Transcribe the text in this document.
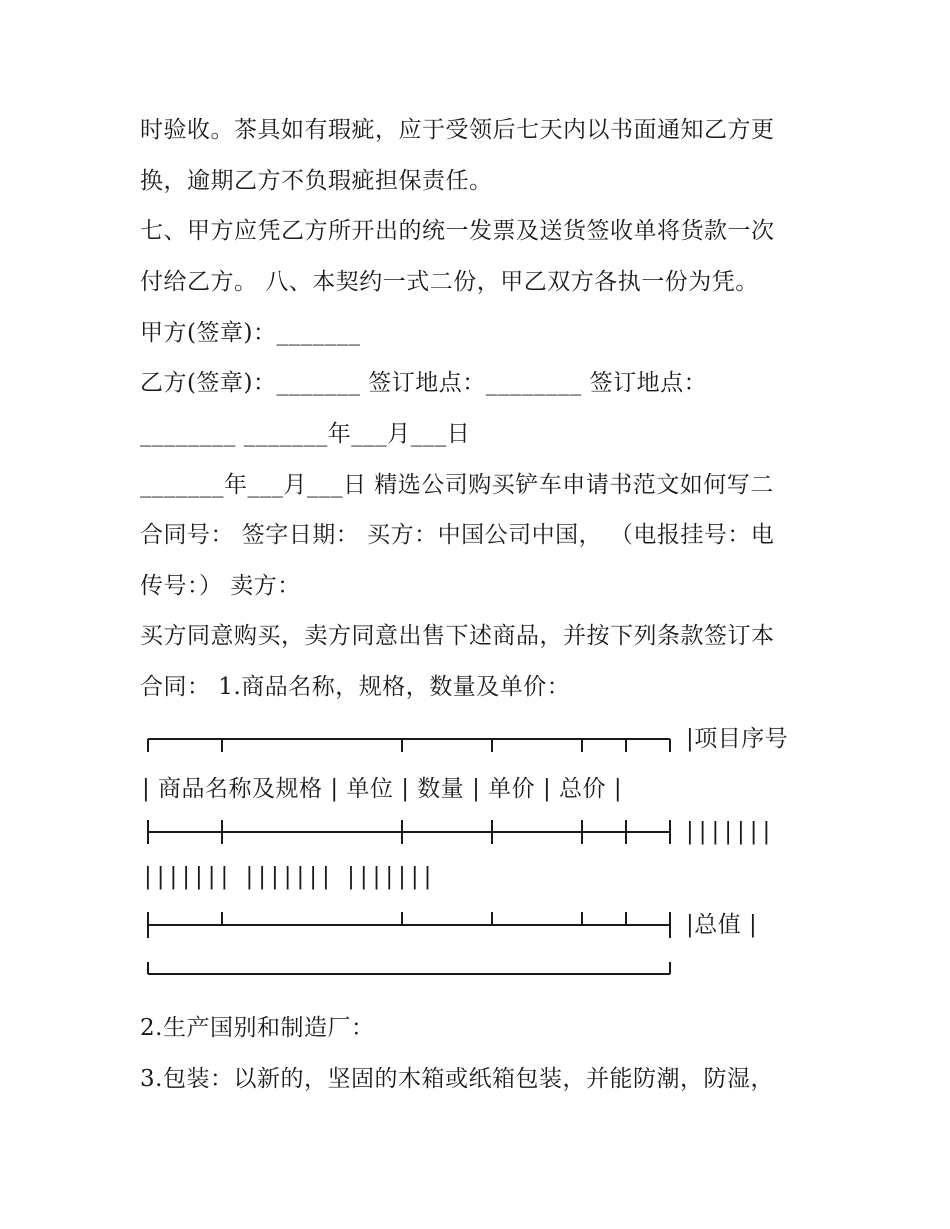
时验收。茶具如有瑕疵，应于受领后七天内以书面通知乙方更
换，逾期乙方不负瑕疵担保责任。
七、甲方应凭乙方所开出的统一发票及送货签收单将货款一次
付给乙方。 八、本契约一式二份，甲乙双方各执一份为凭。
甲方(签章)：_______
乙方(签章)：_______ 签订地点：________ 签订地点：
________ _______年___月___日
_______年___月___日 精选公司购买铲车申请书范文如何写二
合同号： 签字日期： 买方：中国公司中国， （电报挂号：电
传号：） 卖方：
买方同意购买，卖方同意出售下述商品，并按下列条款签订本
合同： 1.商品名称，规格，数量及单价：
|项目序号
| 商品名称及规格 | 单位 | 数量 | 单价 | 总价 |
|||||||
||||||| ||||||| |||||||
|总值 |
2.生产国别和制造厂：
3.包装：以新的，坚固的木箱或纸箱包装，并能防潮，防湿，
